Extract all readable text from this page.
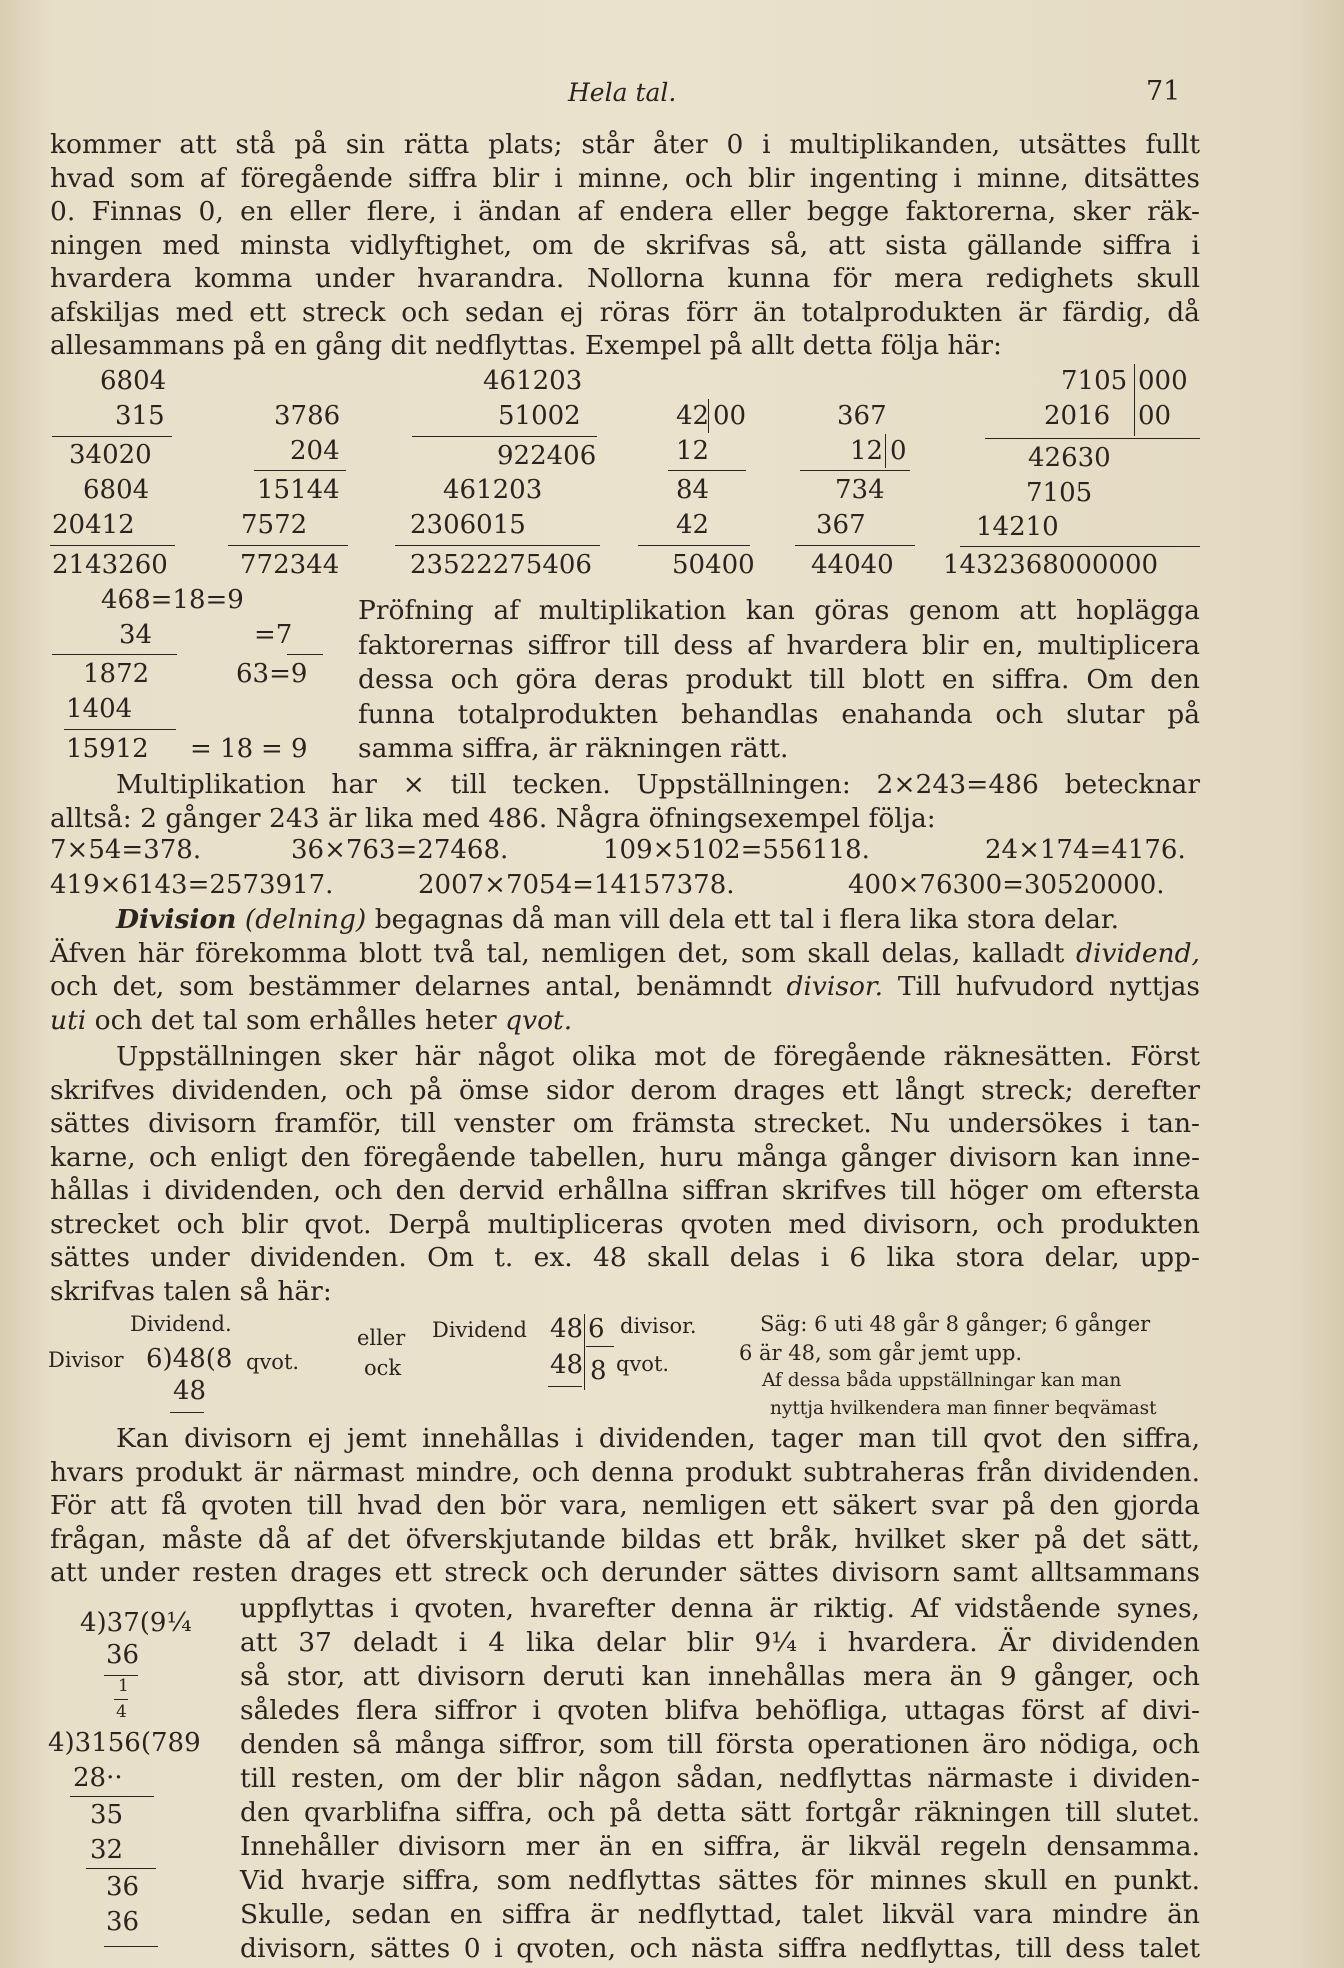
Hela tal.	71
kommer att stå på sin rätta plats; står åter 0 i multiplikanden, utsättes fullt
hvad som af föregående siffra blir i minne, och blir ingenting i minne, ditsättes
0. Finnas 0, en eller flere, i ändan af endera eller begge faktorerna, sker räk-
ningen med minsta vidlyftighet, om de skrifvas så, att sista gällande siffra i
hvardera komma under hvarandra. Nollorna kunna för mera redighets skull
afskiljas med ett streck och sedan ej röras förr än totalprodukten är färdig, då
allesammans på en gång dit nedflyttas. Exempel på allt detta följa här:
6804
315
34020
6804
20412
2143260
3786
204
15144
7572
772344
461203
51002
922406
461203
2306015
23522275406
42 00
12
84
42
50400
367
12 0
734
367
44040
7105 000
2016 00
42630
7105
14210
1432368000000
468=18=9
34	=7
1872	63=9
1404
15912 = 18 = 9
Pröfning af multiplikation kan göras genom att hoplägga
faktorernas siffror till dess af hvardera blir en, multiplicera
dessa och göra deras produkt till blott en siffra. Om den
funna totalprodukten behandlas enahanda och slutar på
samma siffra, är räkningen rätt.
Multiplikation har × till tecken. Uppställningen: 2×243=486 betecknar
alltså: 2 gånger 243 är lika med 486. Några öfningsexempel följa:
7×54=378.	36×763=27468.	109×5102=556118.	24×174=4176.
419×6143=2573917.	2007×7054=14157378.	400×76300=30520000.
Division (delning) begagnas då man vill dela ett tal i flera lika stora delar.
Äfven här förekomma blott två tal, nemligen det, som skall delas, kalladt dividend,
och det, som bestämmer delarnes antal, benämndt divisor. Till hufvudord nyttjas
uti och det tal som erhålles heter qvot.
Uppställningen sker här något olika mot de föregående räknesätten. Först
skrifves dividenden, och på ömse sidor derom drages ett långt streck; derefter
sättes divisorn framför, till venster om främsta strecket. Nu undersökes i tan-
karne, och enligt den föregående tabellen, huru många gånger divisorn kan inne-
hållas i dividenden, och den dervid erhållna siffran skrifves till höger om eftersta
strecket och blir qvot. Derpå multipliceras qvoten med divisorn, och produkten
sättes under dividenden. Om t. ex. 48 skall delas i 6 lika stora delar, upp-
skrifvas talen så här:
Dividend.
Divisor 6)48(8 qvot.
48
eller
ock
Dividend 48 6 divisor.
48 8 qvot.
Säg: 6 uti 48 går 8 gånger; 6 gånger
6 är 48, som går jemt upp.
Af dessa båda uppställningar kan man
nyttja hvilkendera man finner beqvämast
Kan divisorn ej jemt innehållas i dividenden, tager man till qvot den siffra,
hvars produkt är närmast mindre, och denna produkt subtraheras från dividenden.
För att få qvoten till hvad den bör vara, nemligen ett säkert svar på den gjorda
frågan, måste då af det öfverskjutande bildas ett bråk, hvilket sker på det sätt,
att under resten drages ett streck och derunder sättes divisorn samt alltsammans
4)37(9¼
36
1
4
4)3156(789
28··
35
32
36
36
uppflyttas i qvoten, hvarefter denna är riktig. Af vidstående synes,
att 37 deladt i 4 lika delar blir 9¼ i hvardera. Är dividenden
så stor, att divisorn deruti kan innehållas mera än 9 gånger, och
således flera siffror i qvoten blifva behöfliga, uttagas först af divi-
denden så många siffror, som till första operationen äro nödiga, och
till resten, om der blir någon sådan, nedflyttas närmaste i dividen-
den qvarblifna siffra, och på detta sätt fortgår räkningen till slutet.
Innehåller divisorn mer än en siffra, är likväl regeln densamma.
Vid hvarje siffra, som nedflyttas sättes för minnes skull en punkt.
Skulle, sedan en siffra är nedflyttad, talet likväl vara mindre än
divisorn, sättes 0 i qvoten, och nästa siffra nedflyttas, till dess talet
